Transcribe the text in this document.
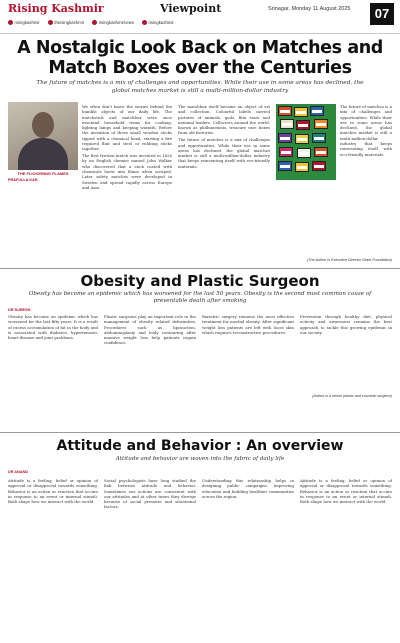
Rising Kashmir	Viewpoint	Srinagar, Monday 11 August 2025	07
risingkashmir	theisingkashmir	risingkashmirnews	risingkashmir
A Nostalgic Look Back on Matches and Match Boxes over the Centuries
The future of matches is a mix of challenges and opportunities. While their use in some areas has declined, the global matches market is still a multi-million-dollar industry
THE FLICKERING FLAMES
PRAFULLA KAR

We often don't know the stories behind the humble objects of our daily life. The matchstick and matchbox were once essential household items for cooking, lighting lamps and keeping warmth. Before the invention of these small wooden sticks tipped with a chemical head, starting a fire required flint and steel or rubbing sticks together.

The first friction match was invented in 1826 by an English chemist named John Walker who discovered that a stick coated with chemicals burst into flame when scraped. Later safety matches were developed in Sweden and spread rapidly across Europe and Asia.

The matchbox itself became an object of art and collection. Colourful labels carried pictures of animals, gods, film stars and national leaders. Collectors around the world, known as phillumenists, treasure rare boxes from old factories.

The future of matches is a mix of challenges and opportunities. While their use in some areas has declined, the global matches market is still a multi-million-dollar industry that keeps reinventing itself with eco-friendly materials.

The future of matches is a mix of challenges and opportunities. While their use in some areas has declined, the global matches market is still a multi-million-dollar industry that keeps reinventing itself with eco-friendly materials.

(The Author is Executive Director Grant Foundation)
Obesity and Plastic Surgeon
Obesity has become an epidemic which has worsened for the last 50 years. Obesity is the second most common cause of preventable death after smoking
DR SURESH

Obesity has become an epidemic which has worsened for the last fifty years. It is a result of excess accumulation of fat in the body and is associated with diabetes, hypertension, heart disease and joint problems.

Plastic surgeons play an important role in the management of obesity related deformities. Procedures such as liposuction, abdominoplasty and body contouring after massive weight loss help patients regain confidence.

Bariatric surgery remains the most effective treatment for morbid obesity. After significant weight loss patients are left with loose skin which requires reconstructive procedures.

Prevention through healthy diet, physical activity and awareness remains the best approach to tackle this growing epidemic in our society.

(Author is a senior plastic and cosmetic surgeon)
Attitude and Behavior : An overview
Attitude and behavior are woven into the fabric of daily life
DR ANAND

Attitude is a feeling, belief or opinion of approval or disapproval towards something. Behavior is an action or reaction that occurs in response to an event or internal stimuli. Both shape how we interact with the world.

Social psychologists have long studied the link between attitude and behavior. Sometimes our actions are consistent with our attitudes and at other times they diverge because of social pressure and situational factors.

Understanding this relationship helps in designing public campaigns, improving education and building healthier communities across the region.

Attitude is a feeling, belief or opinion of approval or disapproval towards something. Behavior is an action or reaction that occurs in response to an event or internal stimuli. Both shape how we interact with the world.
